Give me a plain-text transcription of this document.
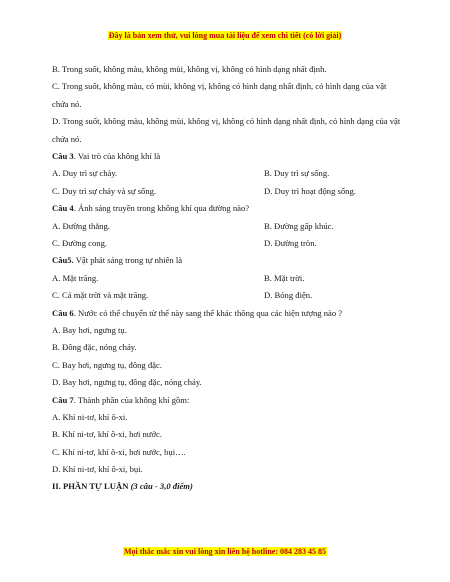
Đây là bản xem thử, vui lòng mua tài liệu để xem chi tiết (có lời giải)
B. Trong suốt, không màu, không mùi, không vị, không có hình dạng nhất định.
C. Trong suốt, không màu, có mùi, không vị, không có hình dạng nhất định, có hình dạng của vật chứa nó.
D. Trong suốt, không màu, không mùi, không vị, không có hình dạng nhất định, có hình dạng của vật chứa nó.
Câu 3. Vai trò của không khí là
A. Duy trì sự cháy.	B. Duy trì sự sống.
C. Duy trì sự cháy và sự sống.	D. Duy trì hoạt động sống.
Câu 4. Ánh sáng truyền trong không khí qua đường nào?
A. Đường thẳng.	B. Đường gấp khúc.
C. Đường cong.	D. Đường tròn.
Câu5. Vật phát sáng trong tự nhiên là
A. Mặt trăng.	B. Mặt trời.
C. Cả mặt trời và mặt trăng.	D. Bóng điện.
Câu 6. Nước có thể chuyển từ thể này sang thể khác thông qua các hiện tượng nào ?
A. Bay hơi, ngưng tụ.
B. Đông đặc, nóng chảy.
C. Bay hơi, ngưng tụ, đông đặc.
D. Bay hơi, ngưng tụ, đông đặc, nóng chảy.
Câu 7. Thành phần của không khí gồm:
A. Khí ni-tơ, khí ô-xi.
B. Khí ni-tơ, khí ô-xi, hơi nước.
C. Khí ni-tơ, khí ô-xi, hơi nước, bụi….
D. Khí ni-tơ, khí ô-xi, bụi.
II. PHẦN TỰ LUẬN (3 câu - 3,0 điểm)
Mọi thắc mắc xin vui lòng xin liên hệ hotline: 084 283 45 85
